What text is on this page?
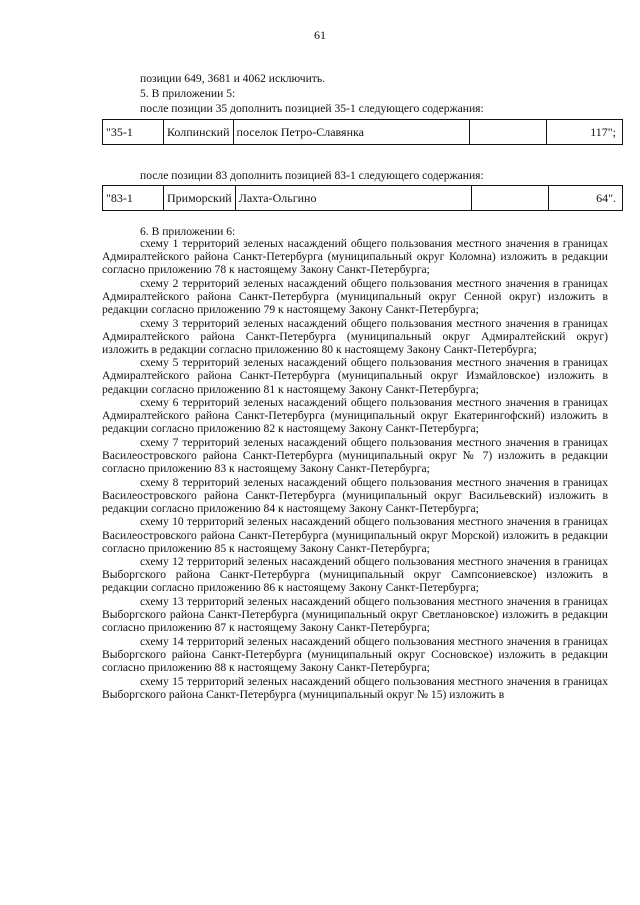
61
позиции 649, 3681 и 4062 исключить.
5. В приложении 5:
после позиции 35 дополнить позицией 35-1 следующего содержания:
"35-1	Колпинский	поселок Петро-Славянка		117";
после позиции 83 дополнить позицией 83-1 следующего содержания:
"83-1	Приморский	Лахта-Ольгино		64".
6. В приложении 6:

схему 1 территорий зеленых насаждений общего пользования местного значения в границах Адмиралтейского района Санкт-Петербурга (муниципальный округ Коломна) изложить в редакции согласно приложению 78 к настоящему Закону Санкт-Петербурга;

схему 2 территорий зеленых насаждений общего пользования местного значения в границах Адмиралтейского района Санкт-Петербурга (муниципальный округ Сенной округ) изложить в редакции согласно приложению 79 к настоящему Закону Санкт-Петербурга;

схему 3 территорий зеленых насаждений общего пользования местного значения в границах Адмиралтейского района Санкт-Петербурга (муниципальный округ Адмиралтейский округ) изложить в редакции согласно приложению 80 к настоящему Закону Санкт-Петербурга;

схему 5 территорий зеленых насаждений общего пользования местного значения в границах Адмиралтейского района Санкт-Петербурга (муниципальный округ Измайловское) изложить в редакции согласно приложению 81 к настоящему Закону Санкт-Петербурга;

схему 6 территорий зеленых насаждений общего пользования местного значения в границах Адмиралтейского района Санкт-Петербурга (муниципальный округ Екатерингофский) изложить в редакции согласно приложению 82 к настоящему Закону Санкт-Петербурга;

схему 7 территорий зеленых насаждений общего пользования местного значения в границах Василеостровского района Санкт-Петербурга (муниципальный округ № 7) изложить в редакции согласно приложению 83 к настоящему Закону Санкт-Петербурга;

схему 8 территорий зеленых насаждений общего пользования местного значения в границах Василеостровского района Санкт-Петербурга (муниципальный округ Васильевский) изложить в редакции согласно приложению 84 к настоящему Закону Санкт-Петербурга;

схему 10 территорий зеленых насаждений общего пользования местного значения в границах Василеостровского района Санкт-Петербурга (муниципальный округ Морской) изложить в редакции согласно приложению 85 к настоящему Закону Санкт-Петербурга;

схему 12 территорий зеленых насаждений общего пользования местного значения в границах Выборгского района Санкт-Петербурга (муниципальный округ Сампсониевское) изложить в редакции согласно приложению 86 к настоящему Закону Санкт-Петербурга;

схему 13 территорий зеленых насаждений общего пользования местного значения в границах Выборгского района Санкт-Петербурга (муниципальный округ Светлановское) изложить в редакции согласно приложению 87 к настоящему Закону Санкт-Петербурга;

схему 14 территорий зеленых насаждений общего пользования местного значения в границах Выборгского района Санкт-Петербурга (муниципальный округ Сосновское) изложить в редакции согласно приложению 88 к настоящему Закону Санкт-Петербурга;

схему 15 территорий зеленых насаждений общего пользования местного значения в границах Выборгского района Санкт-Петербурга (муниципальный округ № 15) изложить в
